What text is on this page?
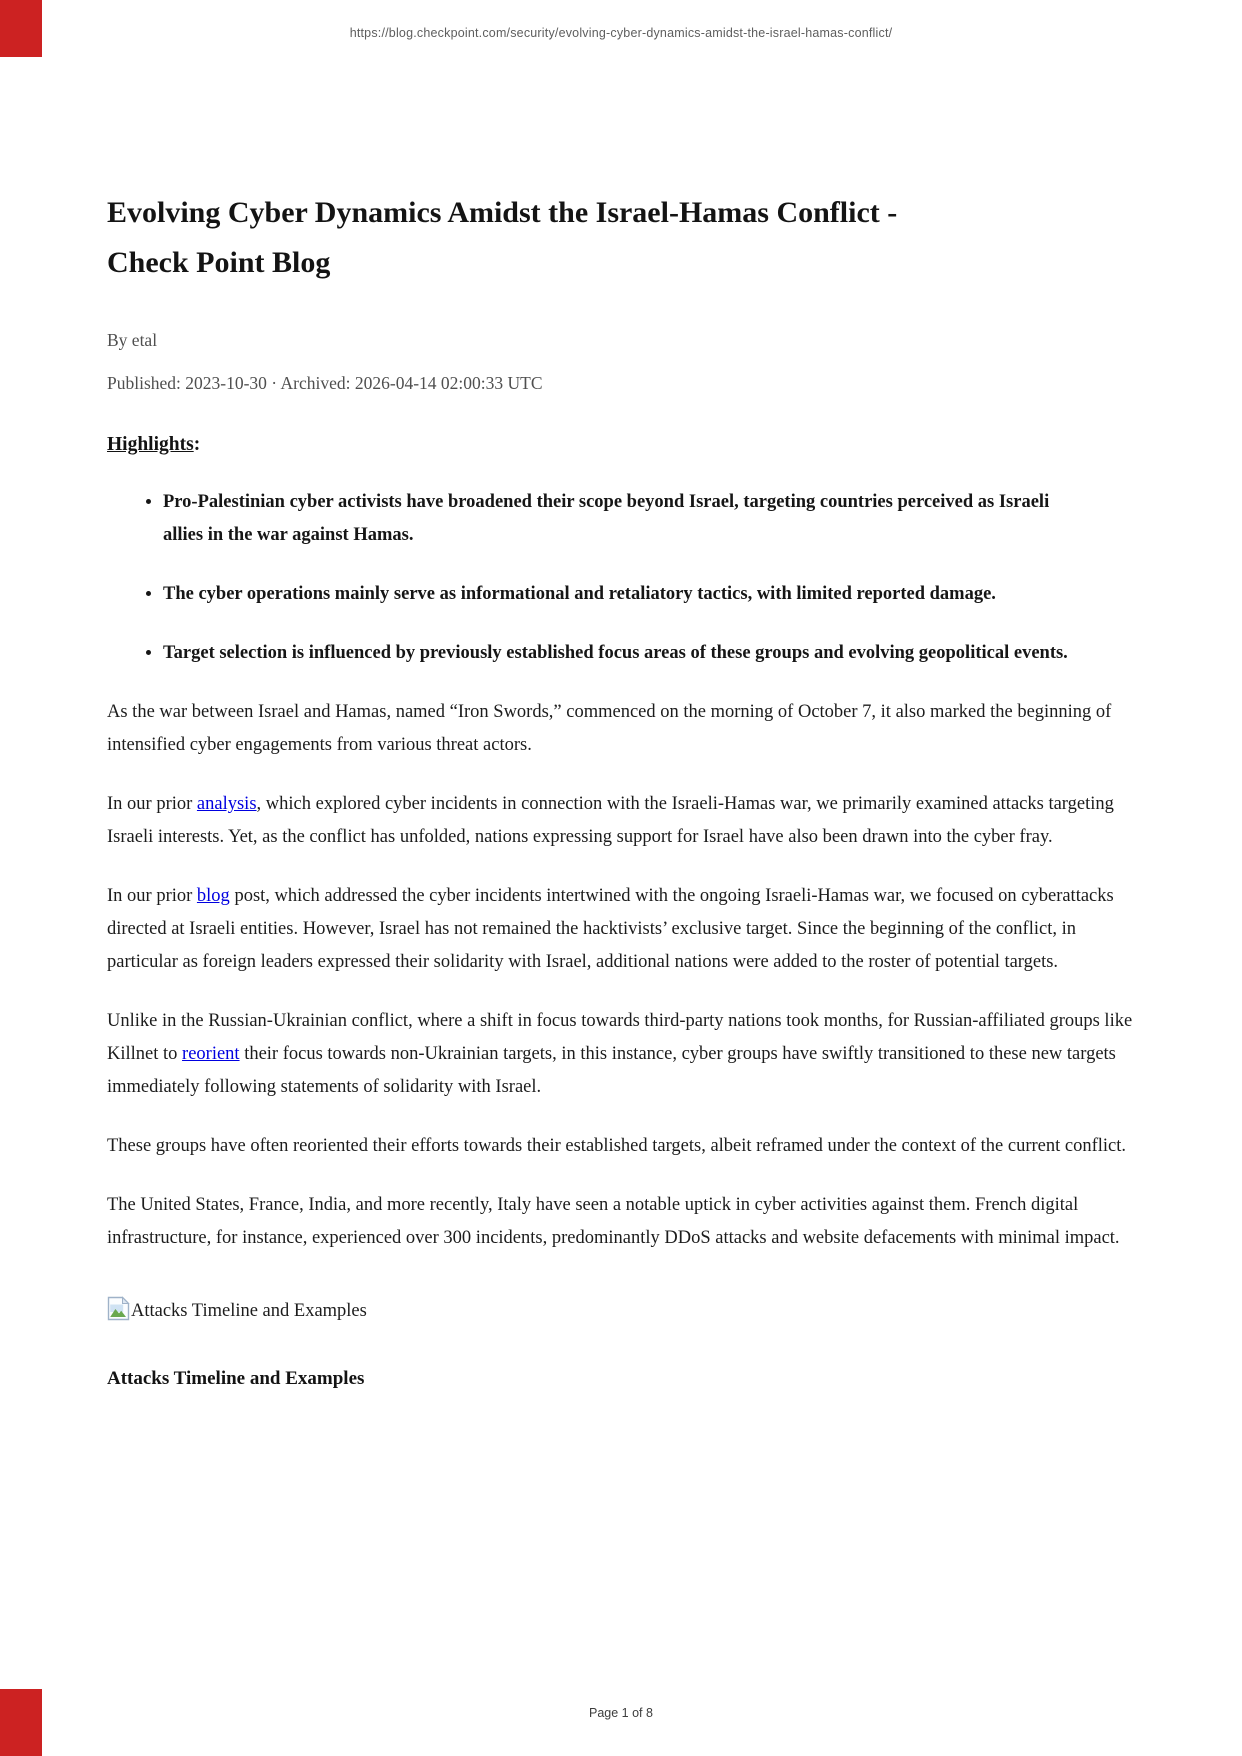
https://blog.checkpoint.com/security/evolving-cyber-dynamics-amidst-the-israel-hamas-conflict/
Evolving Cyber Dynamics Amidst the Israel-Hamas Conflict - Check Point Blog
By etal
Published: 2023-10-30 · Archived: 2026-04-14 02:00:33 UTC
Highlights:
• Pro-Palestinian cyber activists have broadened their scope beyond Israel, targeting countries perceived as Israeli allies in the war against Hamas.
• The cyber operations mainly serve as informational and retaliatory tactics, with limited reported damage.
• Target selection is influenced by previously established focus areas of these groups and evolving geopolitical events.

As the war between Israel and Hamas, named “Iron Swords,” commenced on the morning of October 7, it also marked the beginning of intensified cyber engagements from various threat actors.

In our prior analysis, which explored cyber incidents in connection with the Israeli-Hamas war, we primarily examined attacks targeting Israeli interests. Yet, as the conflict has unfolded, nations expressing support for Israel have also been drawn into the cyber fray.

In our prior blog post, which addressed the cyber incidents intertwined with the ongoing Israeli-Hamas war, we focused on cyberattacks directed at Israeli entities. However, Israel has not remained the hacktivists’ exclusive target. Since the beginning of the conflict, in particular as foreign leaders expressed their solidarity with Israel, additional nations were added to the roster of potential targets.

Unlike in the Russian-Ukrainian conflict, where a shift in focus towards third-party nations took months, for Russian-affiliated groups like Killnet to reorient their focus towards non-Ukrainian targets, in this instance, cyber groups have swiftly transitioned to these new targets immediately following statements of solidarity with Israel.

These groups have often reoriented their efforts towards their established targets, albeit reframed under the context of the current conflict.

The United States, France, India, and more recently, Italy have seen a notable uptick in cyber activities against them. French digital infrastructure, for instance, experienced over 300 incidents, predominantly DDoS attacks and website defacements with minimal impact.

Attacks Timeline and Examples
Attacks Timeline and Examples
Page 1 of 8
